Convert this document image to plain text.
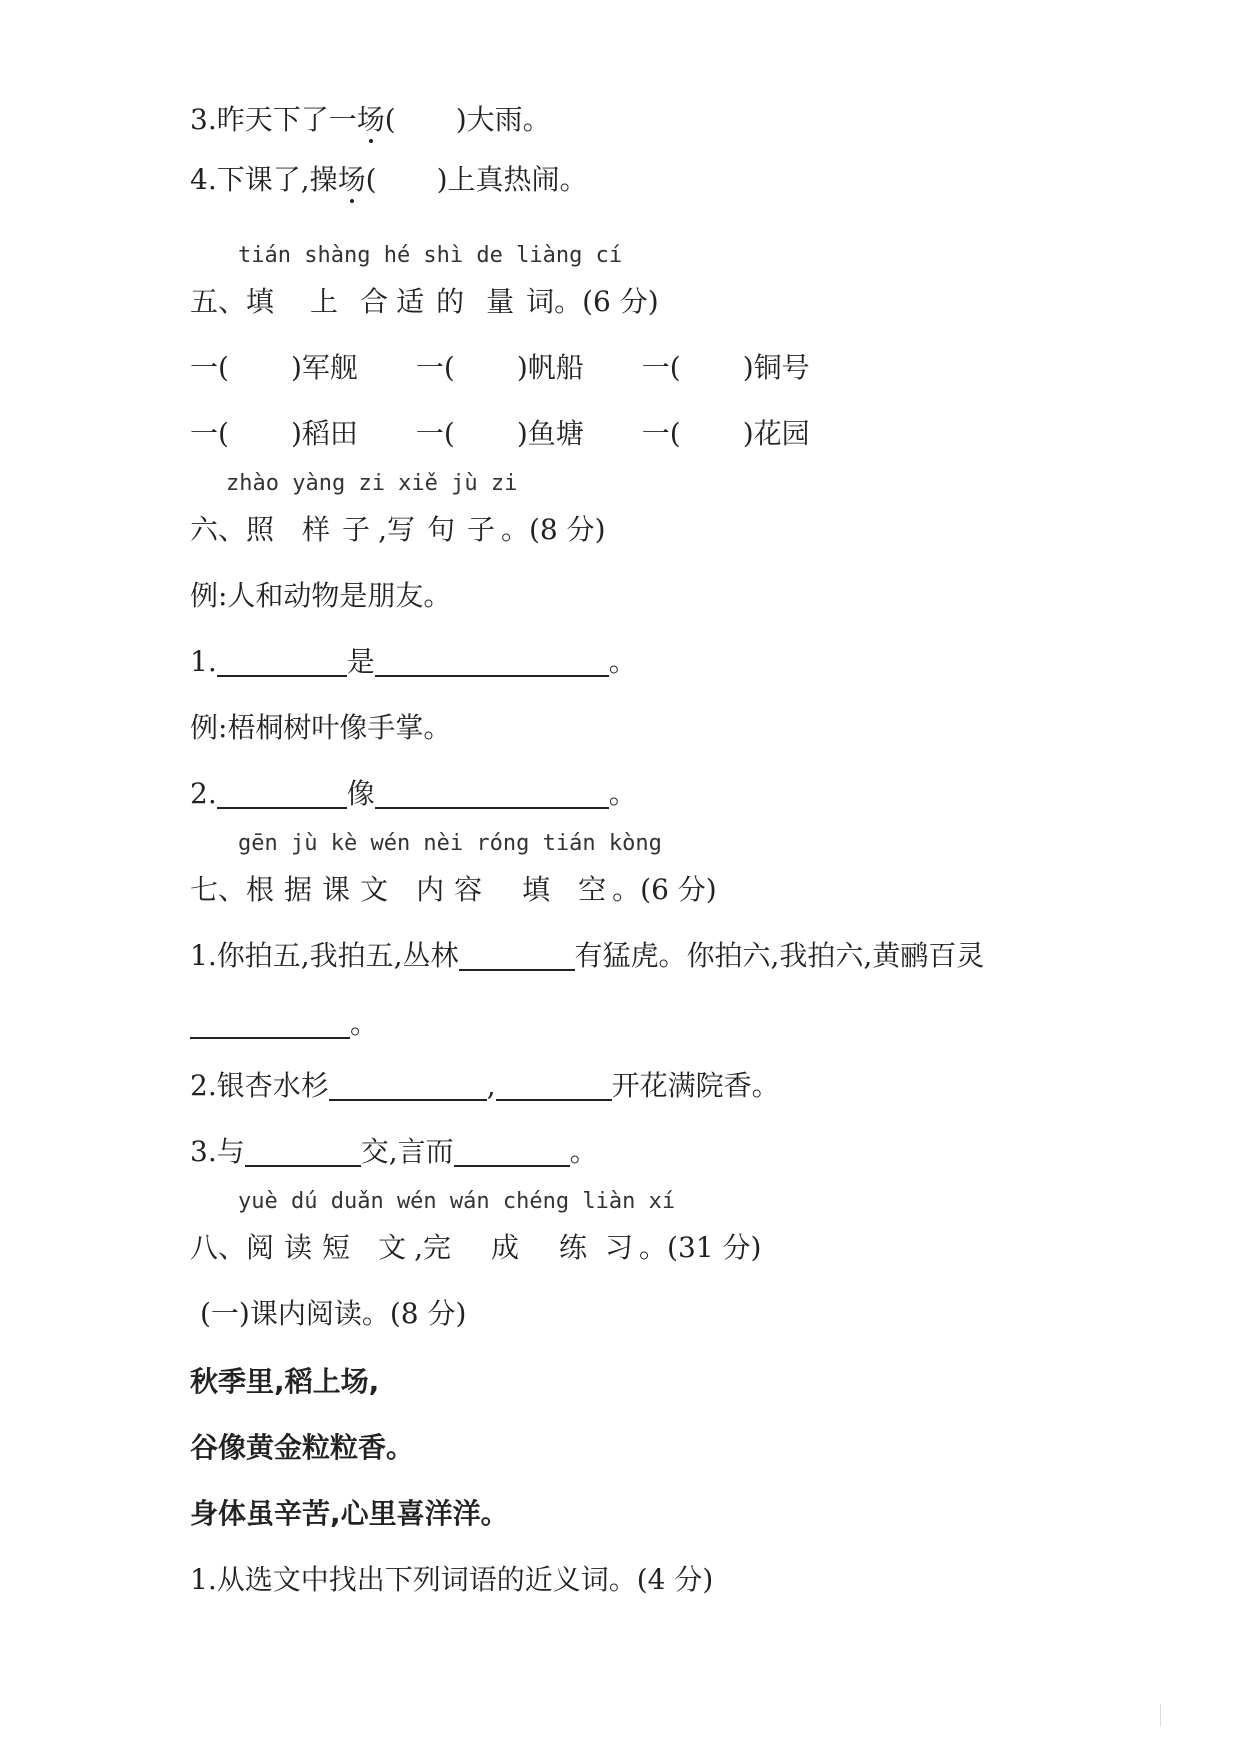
3.昨天下了一场( )大雨。
4.下课了,操场( )上真热闹。
tián shàng hé shì de liàng cí
五、填 上 合 适 的 量 词。(6 分)
一( )军舰 一( )帆船 一( )铜号
一( )稻田 一( )鱼塘 一( )花园
zhào yàng zi xiě jù zi
六、照 样 子 ,写 句 子 。(8 分)
例:人和动物是朋友。
1.	是	。
例:梧桐树叶像手掌。
2.	像	。
gēn jù kè wén nèi róng tián kòng
七、根 据 课 文 内 容 填 空 。(6 分)
1.你拍五,我拍五,丛林	有猛虎。你拍六,我拍六,黄鹂百灵
。
2.银杏水杉	,	开花满院香。
3.与	交,言而	。
yuè dú duǎn wén wán chéng liàn xí
八、阅 读 短 文 ,完 成 练 习 。(31 分)
(一)课内阅读。(8 分)
秋季里,稻上场,
谷像黄金粒粒香。
身体虽辛苦,心里喜洋洋。
1.从选文中找出下列词语的近义词。(4 分)
